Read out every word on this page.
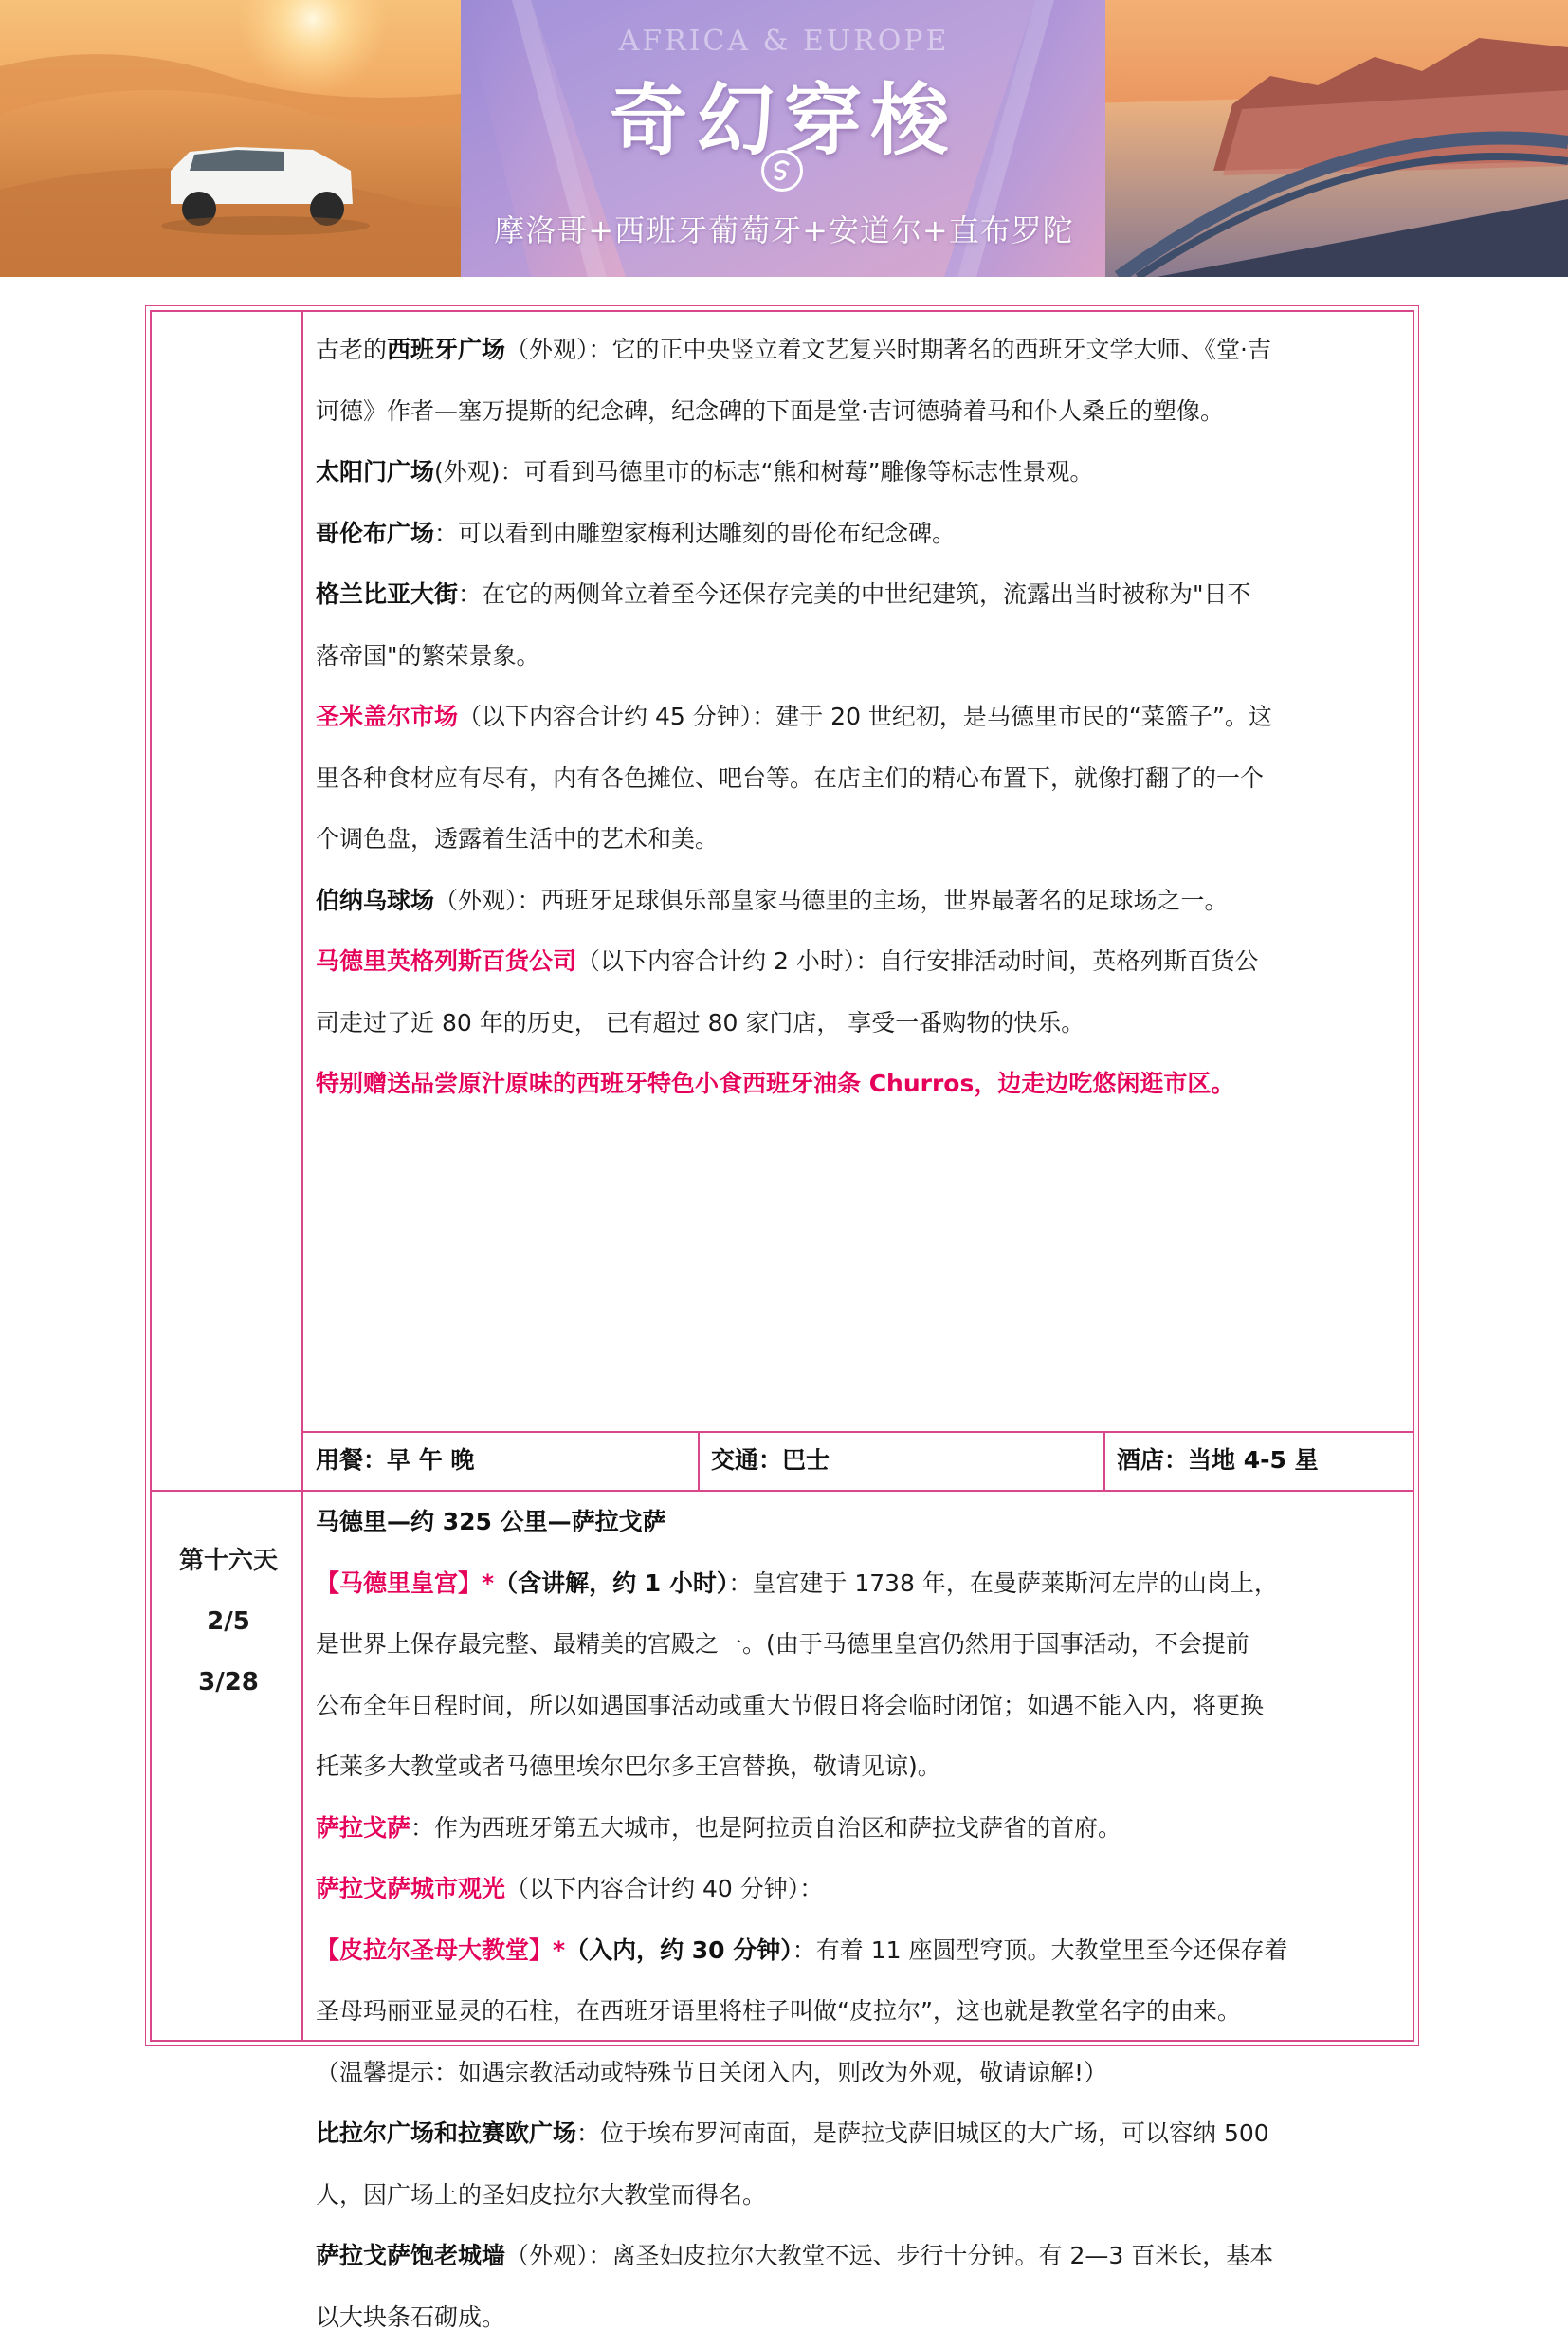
AFRICA & EUROPE
奇幻穿梭
摩洛哥+西班牙葡萄牙+安道尔+直布罗陀

古老的西班牙广场（外观）：它的正中央竖立着文艺复兴时期著名的西班牙文学大师、《堂·吉

诃德》作者—塞万提斯的纪念碑，纪念碑的下面是堂·吉诃德骑着马和仆人桑丘的塑像。

太阳门广场(外观)：可看到马德里市的标志“熊和树莓”雕像等标志性景观。

哥伦布广场：可以看到由雕塑家梅利达雕刻的哥伦布纪念碑。

格兰比亚大街：在它的两侧耸立着至今还保存完美的中世纪建筑，流露出当时被称为"日不

落帝国"的繁荣景象。

圣米盖尔市场（以下内容合计约 45 分钟）：建于 20 世纪初，是马德里市民的“菜篮子”。这

里各种食材应有尽有，内有各色摊位、吧台等。在店主们的精心布置下，就像打翻了的一个

个调色盘，透露着生活中的艺术和美。

伯纳乌球场（外观）：西班牙足球俱乐部皇家马德里的主场，世界最著名的足球场之一。

马德里英格列斯百货公司（以下内容合计约 2 小时）：自行安排活动时间，英格列斯百货公

司走过了近 80 年的历史， 已有超过 80 家门店， 享受一番购物的快乐。

特别赠送品尝原汁原味的西班牙特色小食西班牙油条 Churros，边走边吃悠闲逛市区。

用餐：早 午 晚	交通：巴士	酒店：当地 4-5 星
第十六天
2/5
3/28

马德里—约 325 公里—萨拉戈萨

【马德里皇宫】*（含讲解，约 1 小时）：皇宫建于 1738 年，在曼萨莱斯河左岸的山岗上，

是世界上保存最完整、最精美的宫殿之一。(由于马德里皇宫仍然用于国事活动，不会提前

公布全年日程时间，所以如遇国事活动或重大节假日将会临时闭馆；如遇不能入内，将更换

托莱多大教堂或者马德里埃尔巴尔多王宫替换，敬请见谅)。

萨拉戈萨：作为西班牙第五大城市，也是阿拉贡自治区和萨拉戈萨省的首府。

萨拉戈萨城市观光（以下内容合计约 40 分钟）：

【皮拉尔圣母大教堂】*（入内，约 30 分钟）：有着 11 座圆型穹顶。大教堂里至今还保存着

圣母玛丽亚显灵的石柱，在西班牙语里将柱子叫做“皮拉尔”，这也就是教堂名字的由来。

（温馨提示：如遇宗教活动或特殊节日关闭入内，则改为外观，敬请谅解!）

比拉尔广场和拉赛欧广场：位于埃布罗河南面，是萨拉戈萨旧城区的大广场，可以容纳 500

人，因广场上的圣妇皮拉尔大教堂而得名。

萨拉戈萨饱老城墙（外观）：离圣妇皮拉尔大教堂不远、步行十分钟。有 2—3 百米长，基本

以大块条石砌成。
